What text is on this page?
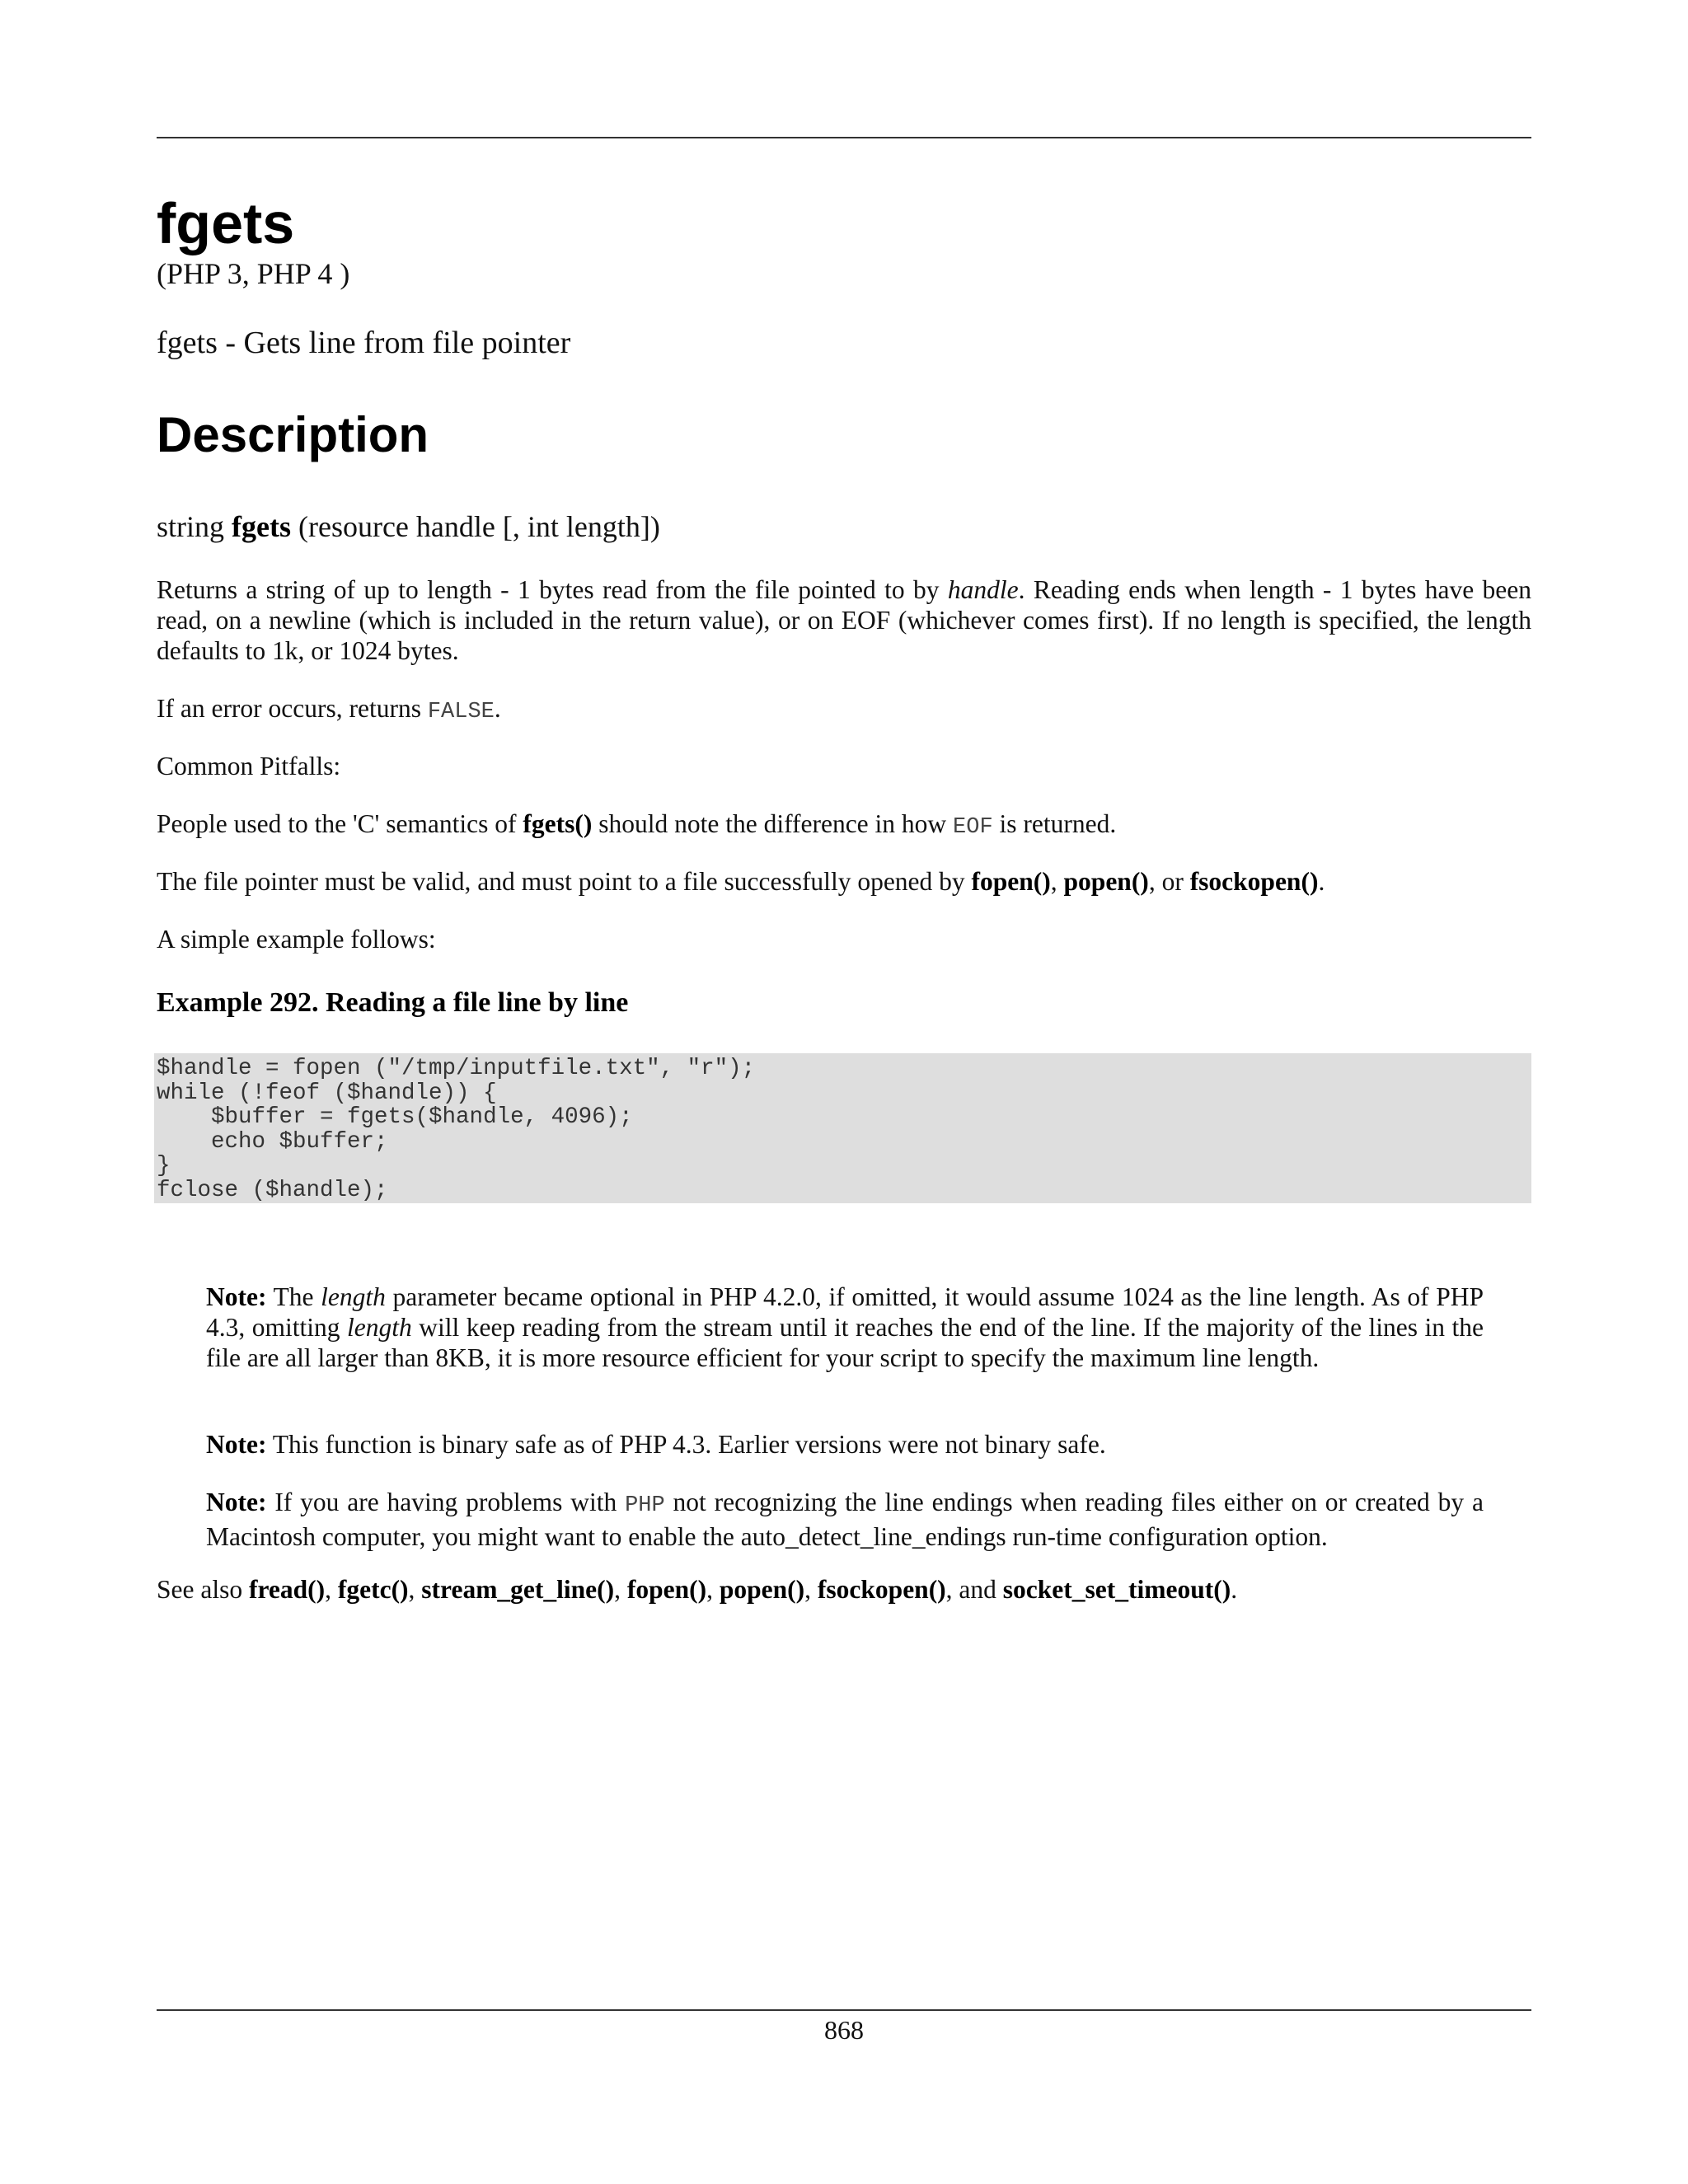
fgets

(PHP 3, PHP 4 )

fgets - Gets line from file pointer

Description

string fgets (resource handle [, int length])

Returns a string of up to length - 1 bytes read from the file pointed to by handle. Reading ends when length - 1 bytes have been read, on a newline (which is included in the return value), or on EOF (whichever comes first). If no length is specified, the length defaults to 1k, or 1024 bytes.

If an error occurs, returns FALSE.

Common Pitfalls:

People used to the 'C' semantics of fgets() should note the difference in how EOF is returned.

The file pointer must be valid, and must point to a file successfully opened by fopen(), popen(), or fsockopen().

A simple example follows:

Example 292. Reading a file line by line

$handle = fopen ("/tmp/inputfile.txt", "r");
while (!feof ($handle)) {
$buffer = fgets($handle, 4096);
echo $buffer;
}
fclose ($handle);

Note: The length parameter became optional in PHP 4.2.0, if omitted, it would assume 1024 as the line length. As of PHP 4.3, omitting length will keep reading from the stream until it reaches the end of the line. If the majority of the lines in the file are all larger than 8KB, it is more resource efficient for your script to specify the maximum line length.

Note: This function is binary safe as of PHP 4.3. Earlier versions were not binary safe.

Note: If you are having problems with PHP not recognizing the line endings when reading files either on or created by a Macintosh computer, you might want to enable the auto_detect_line_endings run-time configuration option.

See also fread(), fgetc(), stream_get_line(), fopen(), popen(), fsockopen(), and socket_set_timeout().

868
